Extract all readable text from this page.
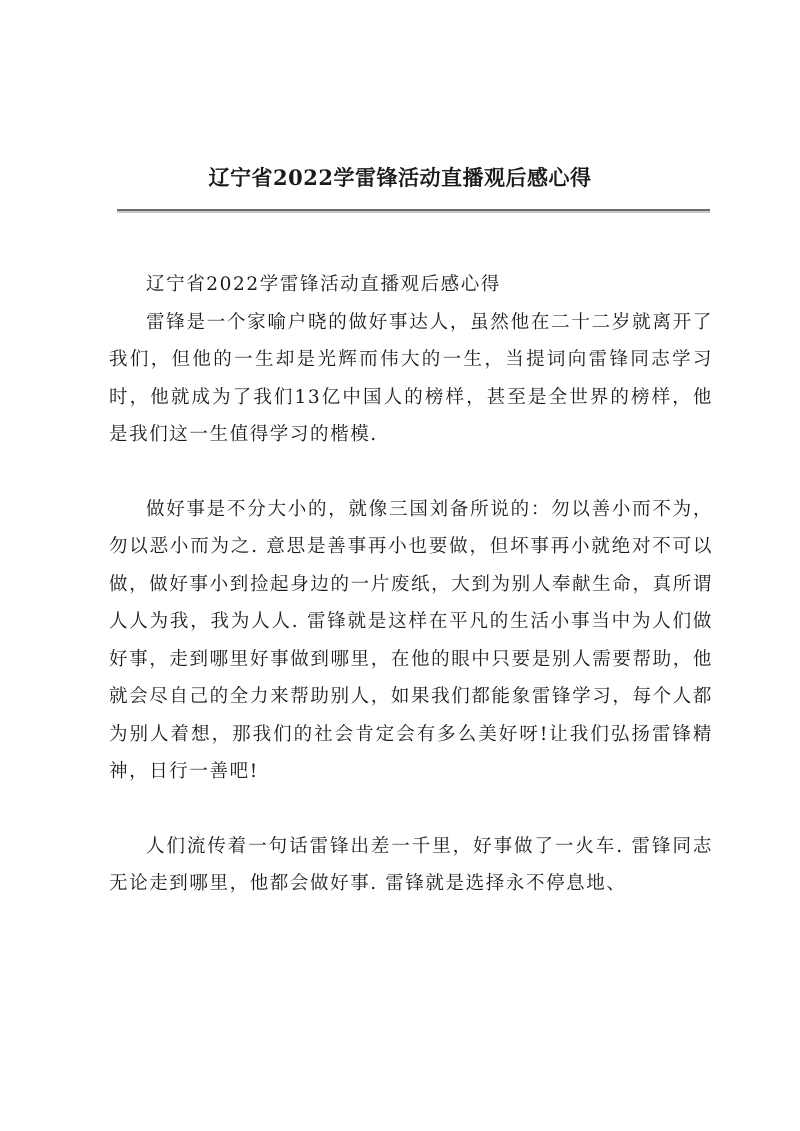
辽宁省2022学雷锋活动直播观后感心得

辽宁省2022学雷锋活动直播观后感心得

雷锋是一个家喻户晓的做好事达人，虽然他在二十二岁就离开了我们，但他的一生却是光辉而伟大的一生，当提词向雷锋同志学习时，他就成为了我们13亿中国人的榜样，甚至是全世界的榜样，他是我们这一生值得学习的楷模.

做好事是不分大小的，就像三国刘备所说的：勿以善小而不为，勿以恶小而为之. 意思是善事再小也要做，但坏事再小就绝对不可以做，做好事小到捡起身边的一片废纸，大到为别人奉献生命，真所谓人人为我，我为人人. 雷锋就是这样在平凡的生活小事当中为人们做好事，走到哪里好事做到哪里，在他的眼中只要是别人需要帮助，他就会尽自己的全力来帮助别人，如果我们都能象雷锋学习，每个人都为别人着想，那我们的社会肯定会有多么美好呀!让我们弘扬雷锋精神，日行一善吧!

人们流传着一句话雷锋出差一千里，好事做了一火车. 雷锋同志无论走到哪里，他都会做好事. 雷锋就是选择永不停息地、
